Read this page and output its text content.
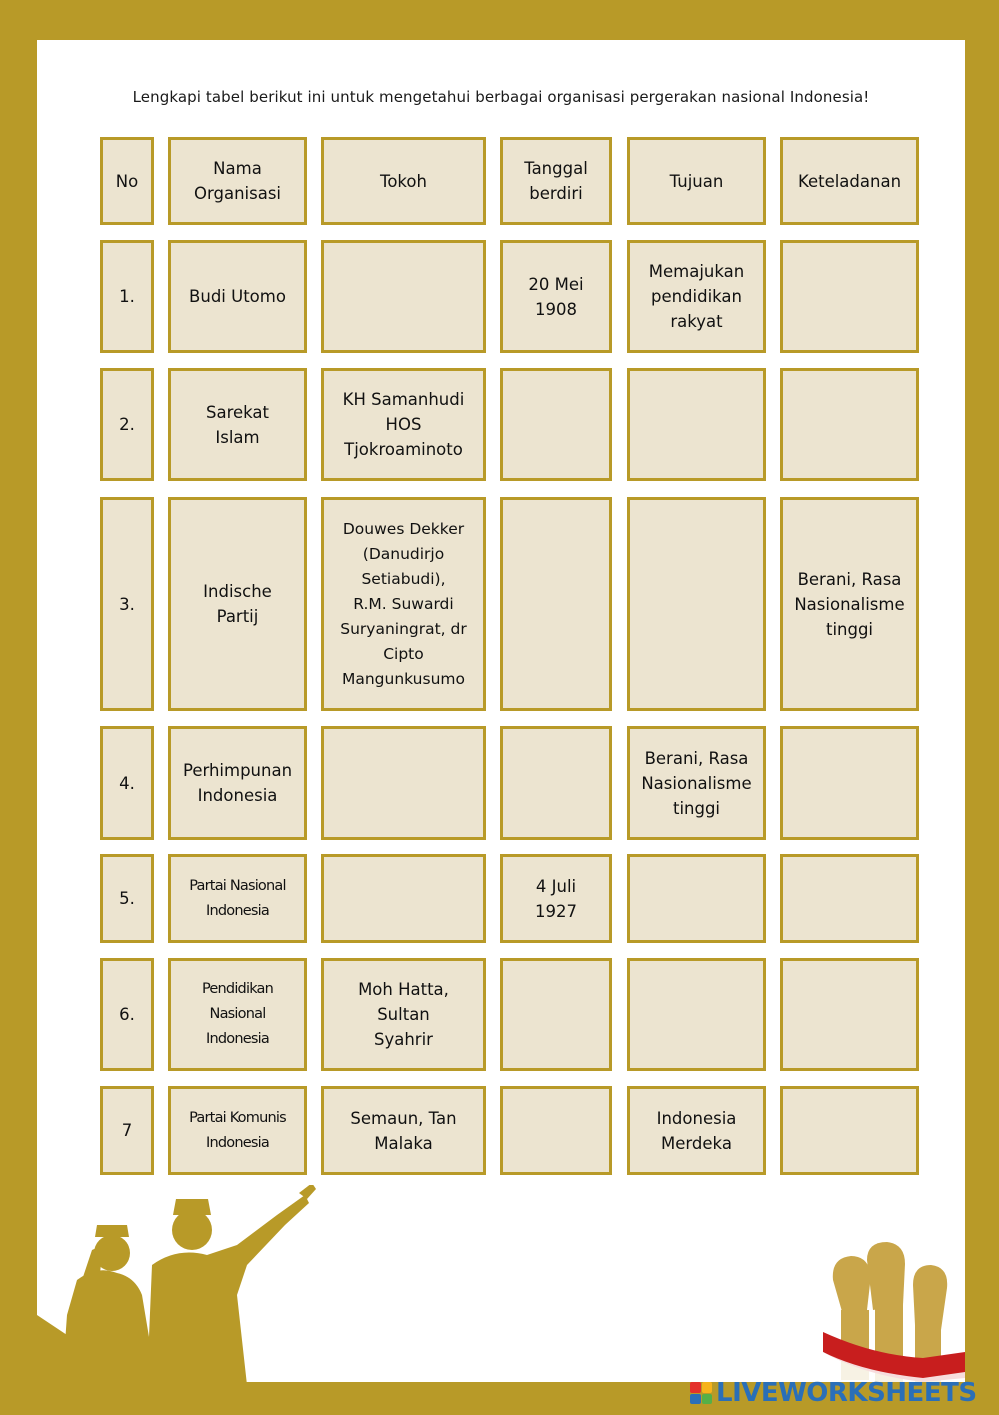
Lengkapi tabel berikut ini untuk mengetahui berbagai organisasi pergerakan nasional Indonesia!
No
Nama
Organisasi
Tokoh
Tanggal
berdiri
Tujuan	Keteladanan
1.	Budi Utomo
20 Mei
1908
Memajukan
pendidikan
rakyat
2.
Sarekat
Islam
KH Samanhudi
HOS
Tjokroaminoto
3.
Indische
Partij
Douwes Dekker
(Danudirjo
Setiabudi),
R.M. Suwardi
Suryaningrat, dr
Cipto
Mangunkusumo
Berani, Rasa
Nasionalisme
tinggi
4.
Perhimpunan
Indonesia
Berani, Rasa
Nasionalisme
tinggi
5.
Partai Nasional
Indonesia
4 Juli
1927
6.
Pendidikan
Nasional
Indonesia
Moh Hatta,
Sultan
Syahrir
7
Partai Komunis
Indonesia
Semaun, Tan
Malaka
Indonesia
Merdeka
LIVEWORKSHEETS
